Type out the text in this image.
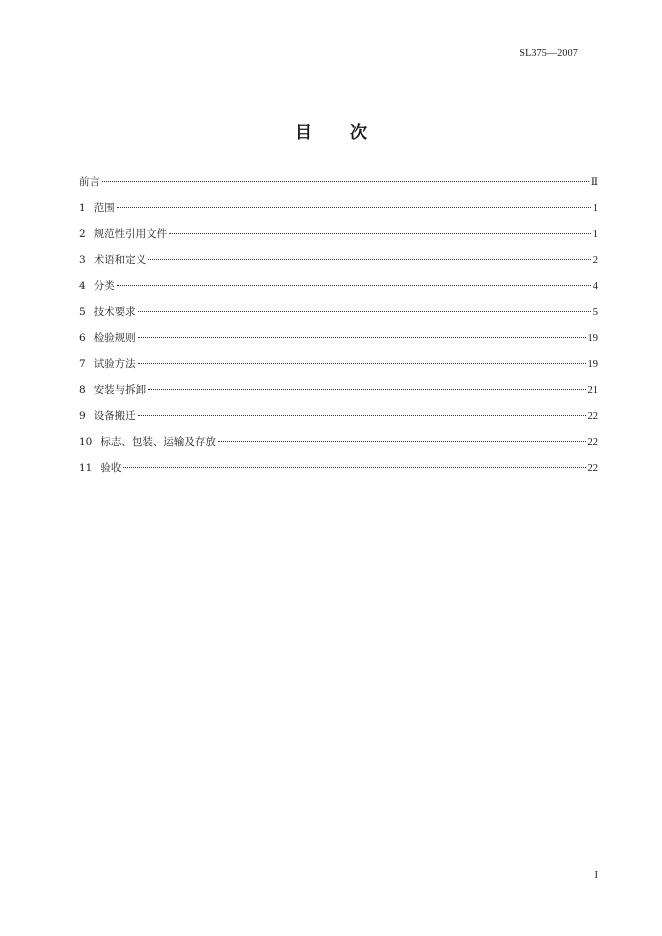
SL375—2007
目 次
前言	Ⅱ
1 范围	1
2 规范性引用文件	1
3 术语和定义	2
4 分类	4
5 技术要求	5
6 检验规则	19
7 试验方法	19
8 安装与拆卸	21
9 设备搬迁	22
10 标志、包装、运输及存放	22
11 验收	22
I
